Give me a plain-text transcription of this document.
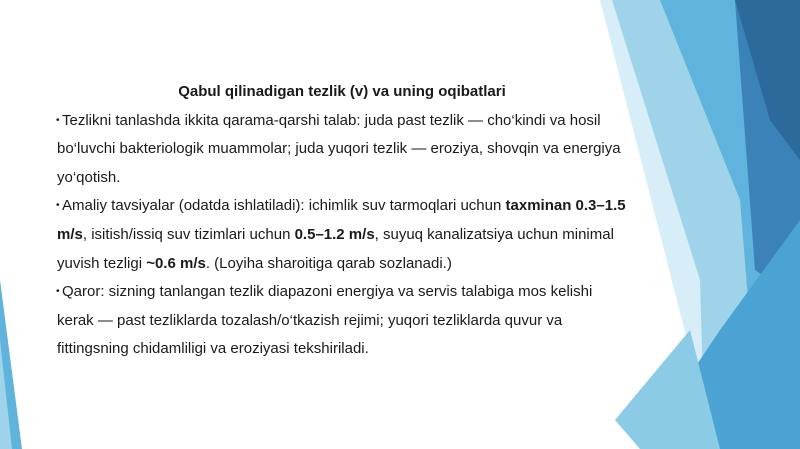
Qabul qilinadigan tezlik (v) va uning oqibatlari
• Tezlikni tanlashda ikkita qarama-qarshi talab: juda past tezlik — cho‘kindi va hosil bo‘luvchi bakteriologik muammolar; juda yuqori tezlik — eroziya, shovqin va energiya yo‘qotish.
• Amaliy tavsiyalar (odatda ishlatiladi): ichimlik suv tarmoqlari uchun taxminan 0.3–1.5 m/s, isitish/issiq suv tizimlari uchun 0.5–1.2 m/s, suyuq kanalizatsiya uchun minimal yuvish tezligi ~0.6 m/s. (Loyiha sharoitiga qarab sozlanadi.)
• Qaror: sizning tanlangan tezlik diapazoni energiya va servis talabiga mos kelishi kerak — past tezliklarda tozalash/o‘tkazish rejimi; yuqori tezliklarda quvur va fittingsning chidamliligi va eroziyasi tekshiriladi.
